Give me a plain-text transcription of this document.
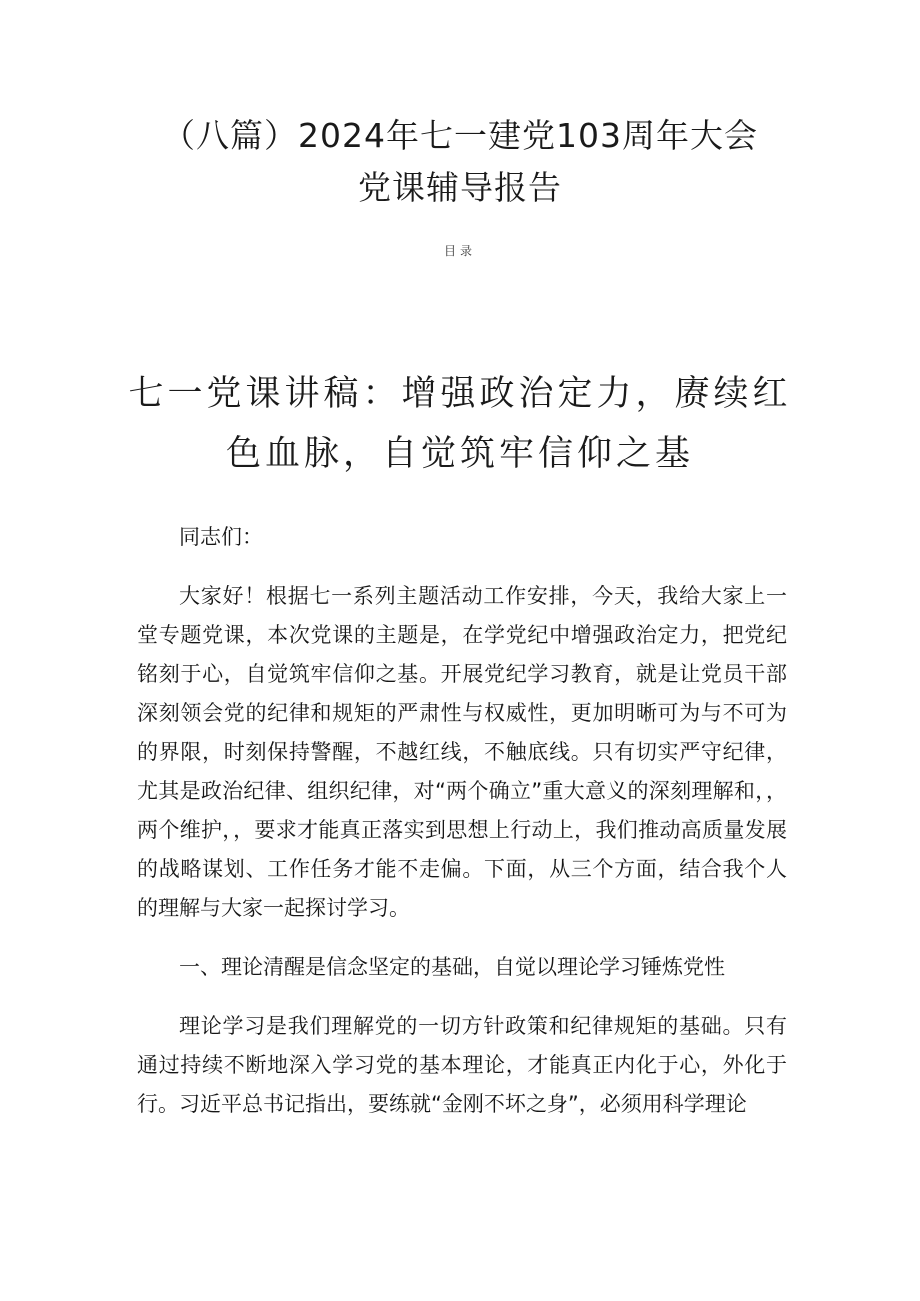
（八篇）2024年七一建党103周年大会党课辅导报告
目录
七一党课讲稿：增强政治定力，赓续红色血脉，自觉筑牢信仰之基

同志们：

大家好！根据七一系列主题活动工作安排，今天，我给大家上一堂专题党课，本次党课的主题是，在学党纪中增强政治定力，把党纪铭刻于心，自觉筑牢信仰之基。开展党纪学习教育，就是让党员干部深刻领会党的纪律和规矩的严肃性与权威性，更加明晰可为与不可为的界限，时刻保持警醒，不越红线，不触底线。只有切实严守纪律，尤其是政治纪律、组织纪律，对“两个确立”重大意义的深刻理解和，，两个维护，，要求才能真正落实到思想上行动上，我们推动高质量发展的战略谋划、工作任务才能不走偏。下面，从三个方面，结合我个人的理解与大家一起探讨学习。

一、理论清醒是信念坚定的基础，自觉以理论学习锤炼党性

理论学习是我们理解党的一切方针政策和纪律规矩的基础。只有通过持续不断地深入学习党的基本理论，才能真正内化于心，外化于行。习近平总书记指出，要练就“金刚不坏之身”，必须用科学理论
